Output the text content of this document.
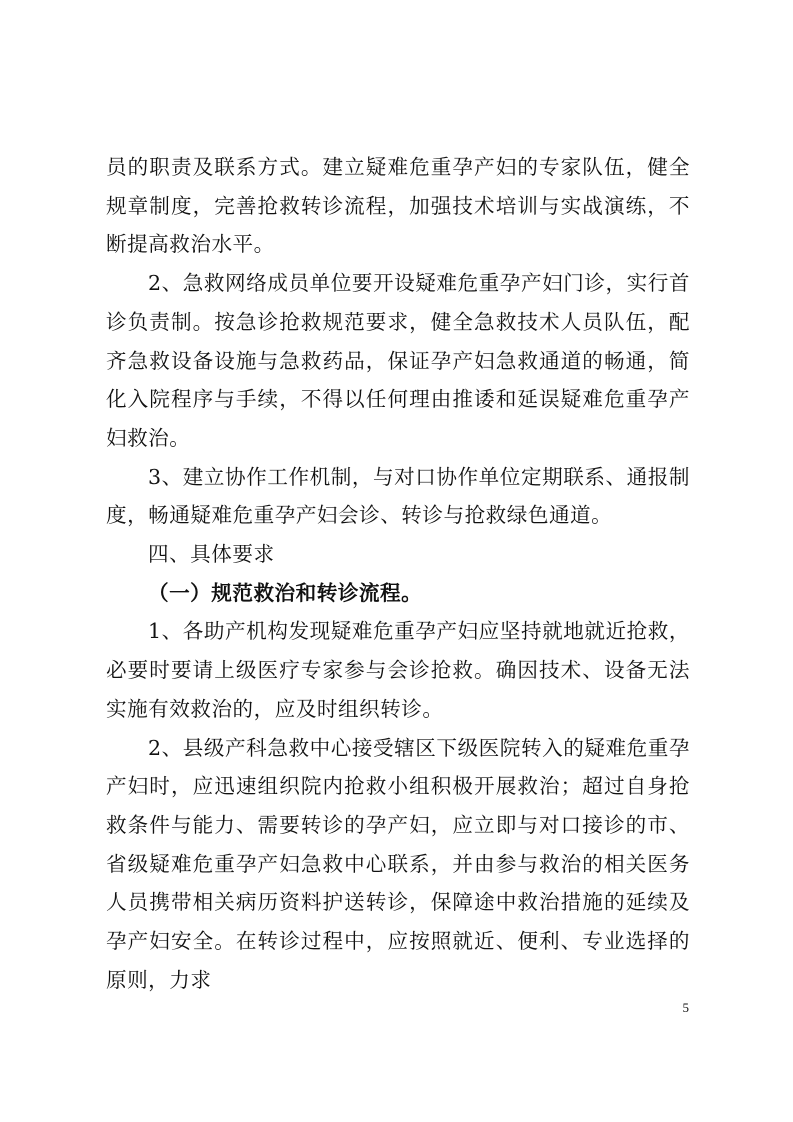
员的职责及联系方式。建立疑难危重孕产妇的专家队伍，健全规章制度，完善抢救转诊流程，加强技术培训与实战演练，不断提高救治水平。

2、急救网络成员单位要开设疑难危重孕产妇门诊，实行首诊负责制。按急诊抢救规范要求，健全急救技术人员队伍，配齐急救设备设施与急救药品，保证孕产妇急救通道的畅通，简化入院程序与手续，不得以任何理由推诿和延误疑难危重孕产妇救治。

3、建立协作工作机制，与对口协作单位定期联系、通报制度，畅通疑难危重孕产妇会诊、转诊与抢救绿色通道。

四、具体要求

（一）规范救治和转诊流程。

1、各助产机构发现疑难危重孕产妇应坚持就地就近抢救，必要时要请上级医疗专家参与会诊抢救。确因技术、设备无法实施有效救治的，应及时组织转诊。

2、县级产科急救中心接受辖区下级医院转入的疑难危重孕产妇时，应迅速组织院内抢救小组积极开展救治；超过自身抢救条件与能力、需要转诊的孕产妇，应立即与对口接诊的市、省级疑难危重孕产妇急救中心联系，并由参与救治的相关医务人员携带相关病历资料护送转诊，保障途中救治措施的延续及孕产妇安全。在转诊过程中，应按照就近、便利、专业选择的原则，力求

5
